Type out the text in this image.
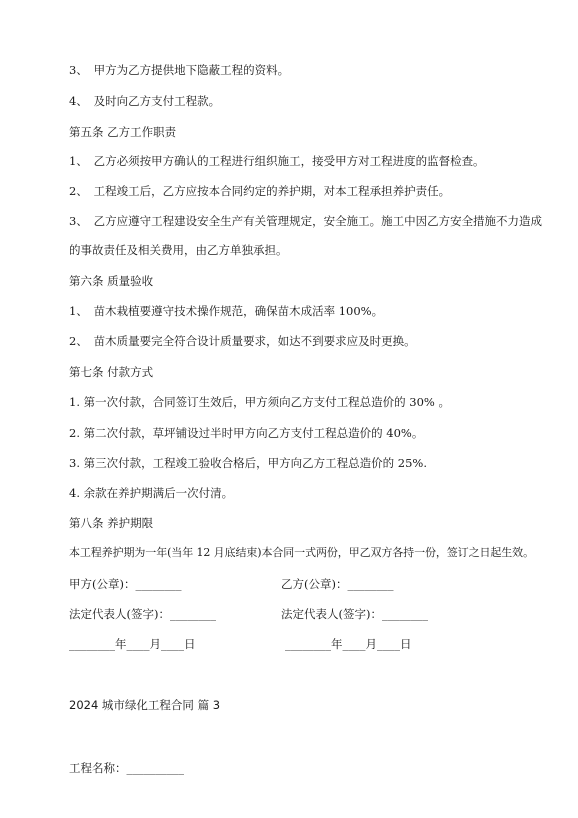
3、　甲方为乙方提供地下隐蔽工程的资料。
4、　及时向乙方支付工程款。
第五条 乙方工作职责
1、　乙方必须按甲方确认的工程进行组织施工，接受甲方对工程进度的监督检查。
2、　工程竣工后，乙方应按本合同约定的养护期，对本工程承担养护责任。
3、　乙方应遵守工程建设安全生产有关管理规定，安全施工。施工中因乙方安全措施不力造成
的事故责任及相关费用，由乙方单独承担。
第六条 质量验收
1、　苗木栽植要遵守技术操作规范，确保苗木成活率 100%。
2、　苗木质量要完全符合设计质量要求，如达不到要求应及时更换。
第七条 付款方式
1. 第一次付款，合同签订生效后，甲方须向乙方支付工程总造价的 30% 。
2. 第二次付款，草坪铺设过半时甲方向乙方支付工程总造价的 40%。
3. 第三次付款，工程竣工验收合格后，甲方向乙方工程总造价的 25%.
4. 余款在养护期满后一次付清。
第八条 养护期限
本工程养护期为一年(当年 12 月底结束)本合同一式两份，甲乙双方各持一份，签订之日起生效。
甲方(公章)：________	乙方(公章)：________
法定代表人(签字)：________	法定代表人(签字)：________
________年____月____日	________年____月____日
2024 城市绿化工程合同 篇 3
工程名称：__________
